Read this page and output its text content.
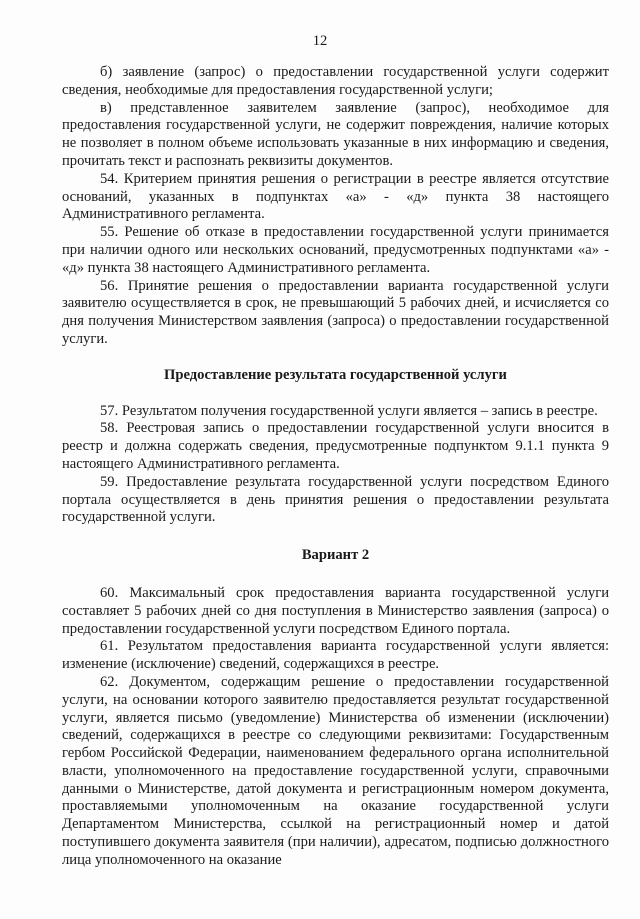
12

б) заявление (запрос) о предоставлении государственной услуги содержит сведения, необходимые для предоставления государственной услуги;

в) представленное заявителем заявление (запрос), необходимое для предоставления государственной услуги, не содержит повреждения, наличие которых не позволяет в полном объеме использовать указанные в них информацию и сведения, прочитать текст и распознать реквизиты документов.

54. Критерием принятия решения о регистрации в реестре является отсутствие оснований, указанных в подпунктах «а» - «д» пункта 38 настоящего Административного регламента.

55. Решение об отказе в предоставлении государственной услуги принимается при наличии одного или нескольких оснований, предусмотренных подпунктами «а» - «д» пункта 38 настоящего Административного регламента.

56. Принятие решения о предоставлении варианта государственной услуги заявителю осуществляется в срок, не превышающий 5 рабочих дней, и исчисляется со дня получения Министерством заявления (запроса) о предоставлении государственной услуги.

Предоставление результата государственной услуги

57. Результатом получения государственной услуги является – запись в реестре.

58. Реестровая запись о предоставлении государственной услуги вносится в реестр и должна содержать сведения, предусмотренные подпунктом 9.1.1 пункта 9 настоящего Административного регламента.

59. Предоставление результата государственной услуги посредством Единого портала осуществляется в день принятия решения о предоставлении результата государственной услуги.

Вариант 2

60. Максимальный срок предоставления варианта государственной услуги составляет 5 рабочих дней со дня поступления в Министерство заявления (запроса) о предоставлении государственной услуги посредством Единого портала.

61. Результатом предоставления варианта государственной услуги является: изменение (исключение) сведений, содержащихся в реестре.

62. Документом, содержащим решение о предоставлении государственной услуги, на основании которого заявителю предоставляется результат государственной услуги, является письмо (уведомление) Министерства об изменении (исключении) сведений, содержащихся в реестре со следующими реквизитами: Государственным гербом Российской Федерации, наименованием федерального органа исполнительной власти, уполномоченного на предоставление государственной услуги, справочными данными о Министерстве, датой документа и регистрационным номером документа, проставляемыми уполномоченным на оказание государственной услуги Департаментом Министерства, ссылкой на регистрационный номер и датой поступившего документа заявителя (при наличии), адресатом, подписью должностного лица уполномоченного на оказание
